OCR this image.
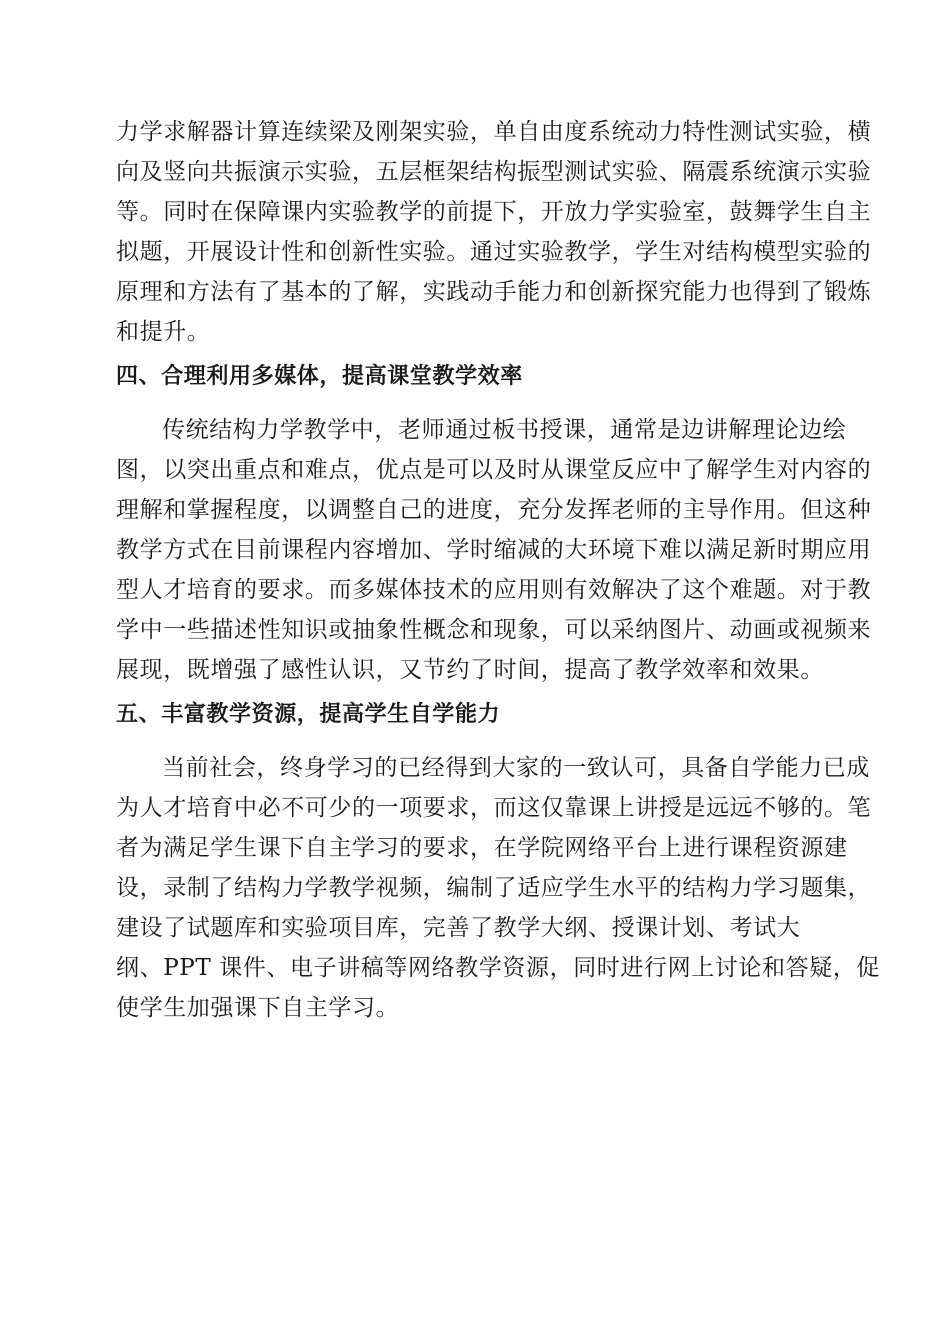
力学求解器计算连续梁及刚架实验，单自由度系统动力特性测试实验，横
向及竖向共振演示实验，五层框架结构振型测试实验、隔震系统演示实验
等。同时在保障课内实验教学的前提下，开放力学实验室，鼓舞学生自主
拟题，开展设计性和创新性实验。通过实验教学，学生对结构模型实验的
原理和方法有了基本的了解，实践动手能力和创新探究能力也得到了锻炼
和提升。
四、合理利用多媒体，提高课堂教学效率
传统结构力学教学中，老师通过板书授课，通常是边讲解理论边绘
图，以突出重点和难点，优点是可以及时从课堂反应中了解学生对内容的
理解和掌握程度，以调整自己的进度，充分发挥老师的主导作用。但这种
教学方式在目前课程内容增加、学时缩减的大环境下难以满足新时期应用
型人才培育的要求。而多媒体技术的应用则有效解决了这个难题。对于教
学中一些描述性知识或抽象性概念和现象，可以采纳图片、动画或视频来
展现，既增强了感性认识，又节约了时间，提高了教学效率和效果。
五、丰富教学资源，提高学生自学能力
当前社会，终身学习的已经得到大家的一致认可，具备自学能力已成
为人才培育中必不可少的一项要求，而这仅靠课上讲授是远远不够的。笔
者为满足学生课下自主学习的要求，在学院网络平台上进行课程资源建
设，录制了结构力学教学视频，编制了适应学生水平的结构力学习题集，
建设了试题库和实验项目库，完善了教学大纲、授课计划、考试大
纲、PPT 课件、电子讲稿等网络教学资源，同时进行网上讨论和答疑，促
使学生加强课下自主学习。
